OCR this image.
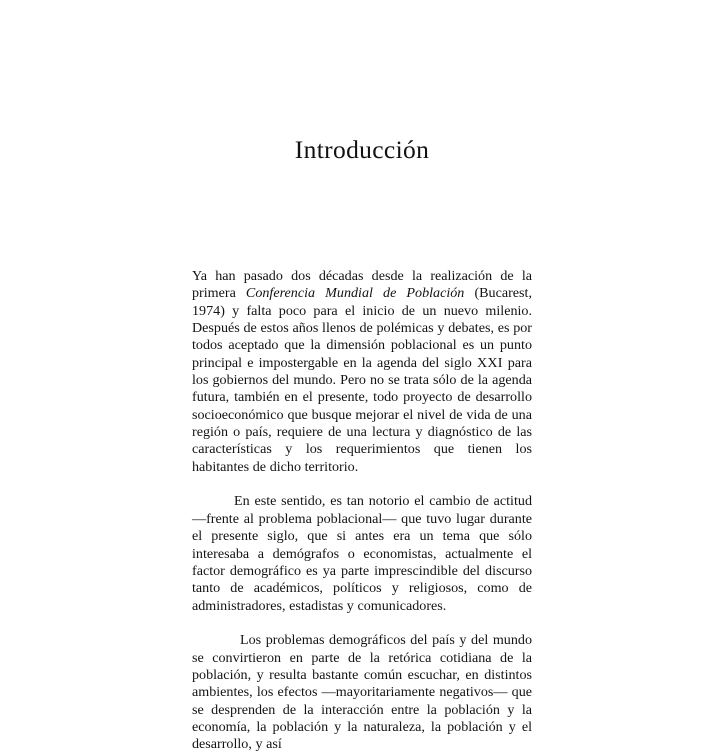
Introducción

Ya han pasado dos décadas desde la realización de la primera Conferencia Mundial de Población (Bucarest, 1974) y falta poco para el inicio de un nuevo milenio. Después de estos años llenos de polémicas y debates, es por todos aceptado que la dimensión poblacional es un punto principal e impostergable en la agenda del siglo XXI para los gobiernos del mundo. Pero no se trata sólo de la agenda futura, también en el presente, todo proyecto de desarrollo socioeconómico que busque mejorar el nivel de vida de una región o país, requiere de una lectura y diagnóstico de las características y los requerimientos que tienen los habitantes de dicho territorio.

En este sentido, es tan notorio el cambio de actitud —frente al problema poblacional— que tuvo lugar durante el presente siglo, que si antes era un tema que sólo interesaba a demógrafos o economistas, actualmente el factor demográfico es ya parte imprescindible del discurso tanto de académicos, políticos y religiosos, como de administradores, estadistas y comunicadores.

Los problemas demográficos del país y del mundo se convirtieron en parte de la retórica cotidiana de la población, y resulta bastante común escuchar, en distintos ambientes, los efectos —mayoritariamente negativos— que se desprenden de la interacción entre la población y la economía, la población y la naturaleza, la población y el desarrollo, y así
